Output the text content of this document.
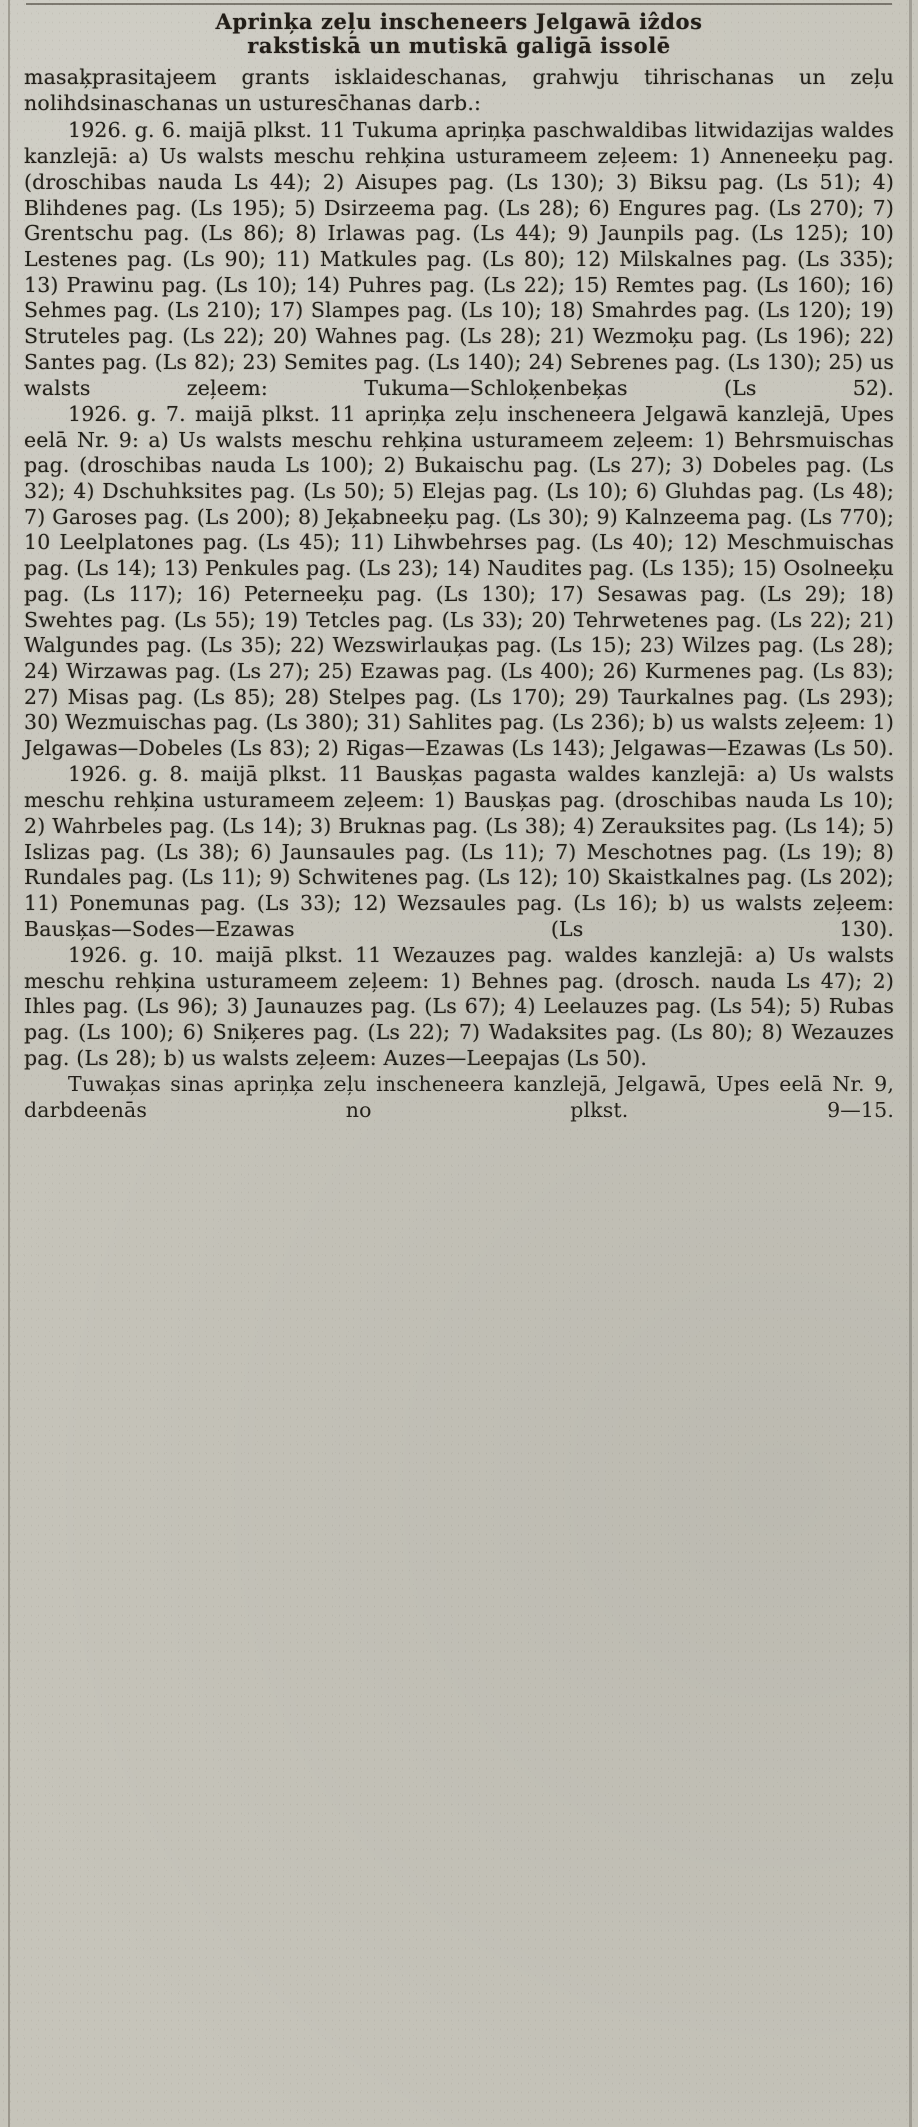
Aprinķa zeļu inscheneers Jelgawā iẑdos
rakstiskā un mutiskā galigā issolē
masaķprasitajeem grants isklaideschanas, grahwju tihrischanas un zeļu nolihdsinaschanas un usturesc̄hanas darb.:
1926. g. 6. maijā plkst. 11 Tukuma apriņķa paschwaldibas litwidazijas waldes kanzlejā: a) Us walsts meschu rehķina usturameem zeļeem: 1) Anneneeķu pag. (droschibas nauda Ls 44); 2) Aisupes pag. (Ls 130); 3) Biksu pag. (Ls 51); 4) Blihdenes pag. (Ls 195); 5) Dsirzeema pag. (Ls 28); 6) Engures pag. (Ls 270); 7) Grentschu pag. (Ls 86); 8) Irlawas pag. (Ls 44); 9) Jaunpils pag. (Ls 125); 10) Lestenes pag. (Ls 90); 11) Matkules pag. (Ls 80); 12) Milskalnes pag. (Ls 335); 13) Prawinu pag. (Ls 10); 14) Puhres pag. (Ls 22); 15) Remtes pag. (Ls 160); 16) Sehmes pag. (Ls 210); 17) Slampes pag. (Ls 10); 18) Smahrdes pag. (Ls 120); 19) Struteles pag. (Ls 22); 20) Wahnes pag. (Ls 28); 21) Wezmoķu pag. (Ls 196); 22) Santes pag. (Ls 82); 23) Semites pag. (Ls 140); 24) Sebrenes pag. (Ls 130); 25) us walsts zeļeem: Tukuma—Schloķenbeķas (Ls 52).
1926. g. 7. maijā plkst. 11 apriņķa zeļu inscheneera Jelgawā kanzlejā, Upes eelā Nr. 9: a) Us walsts meschu rehķina usturameem zeļeem: 1) Behrsmuischas pag. (droschibas nauda Ls 100); 2) Bukaischu pag. (Ls 27); 3) Dobeles pag. (Ls 32); 4) Dschuhksites pag. (Ls 50); 5) Elejas pag. (Ls 10); 6) Gluhdas pag. (Ls 48); 7) Garoses pag. (Ls 200); 8) Jeķabneeķu pag. (Ls 30); 9) Kalnzeema pag. (Ls 770); 10 Leelplatones pag. (Ls 45); 11) Lihwbehrses pag. (Ls 40); 12) Meschmuischas pag. (Ls 14); 13) Penkules pag. (Ls 23); 14) Naudites pag. (Ls 135); 15) Osolneeķu pag. (Ls 117); 16) Peterneeķu pag. (Ls 130); 17) Sesawas pag. (Ls 29); 18) Swehtes pag. (Ls 55); 19) Tetcles pag. (Ls 33); 20) Tehrwetenes pag. (Ls 22); 21) Walgundes pag. (Ls 35); 22) Wezswirlauķas pag. (Ls 15); 23) Wilzes pag. (Ls 28); 24) Wirzawas pag. (Ls 27); 25) Ezawas pag. (Ls 400); 26) Kurmenes pag. (Ls 83); 27) Misas pag. (Ls 85); 28) Stelpes pag. (Ls 170); 29) Taurkalnes pag. (Ls 293); 30) Wezmuischas pag. (Ls 380); 31) Sahlites pag. (Ls 236); b) us walsts zeļeem: 1) Jelgawas—Dobeles (Ls 83); 2) Rigas—Ezawas (Ls 143); Jelgawas—Ezawas (Ls 50).
1926. g. 8. maijā plkst. 11 Bausķas pagasta waldes kanzlejā: a) Us walsts meschu rehķina usturameem zeļeem: 1) Bausķas pag. (droschibas nauda Ls 10); 2) Wahrbeles pag. (Ls 14); 3) Bruknas pag. (Ls 38); 4) Zerauksites pag. (Ls 14); 5) Islizas pag. (Ls 38); 6) Jaunsaules pag. (Ls 11); 7) Meschotnes pag. (Ls 19); 8) Rundales pag. (Ls 11); 9) Schwitenes pag. (Ls 12); 10) Skaistkalnes pag. (Ls 202); 11) Ponemunas pag. (Ls 33); 12) Wezsaules pag. (Ls 16); b) us walsts zeļeem: Bausķas—Sodes—Ezawas (Ls 130).
1926. g. 10. maijā plkst. 11 Wezauzes pag. waldes kanzlejā: a) Us walsts meschu rehķina usturameem zeļeem: 1) Behnes pag. (drosch. nauda Ls 47); 2) Ihles pag. (Ls 96); 3) Jaunauzes pag. (Ls 67); 4) Leelauzes pag. (Ls 54); 5) Rubas pag. (Ls 100); 6) Sniķeres pag. (Ls 22); 7) Wadaksites pag. (Ls 80); 8) Wezauzes pag. (Ls 28); b) us walsts zeļeem: Auzes—Leepajas (Ls 50).
Tuwaķas sinas apriņķa zeļu inscheneera kanzlejā, Jelgawā, Upes eelā Nr. 9, darbdeenās no plkst. 9—15.
